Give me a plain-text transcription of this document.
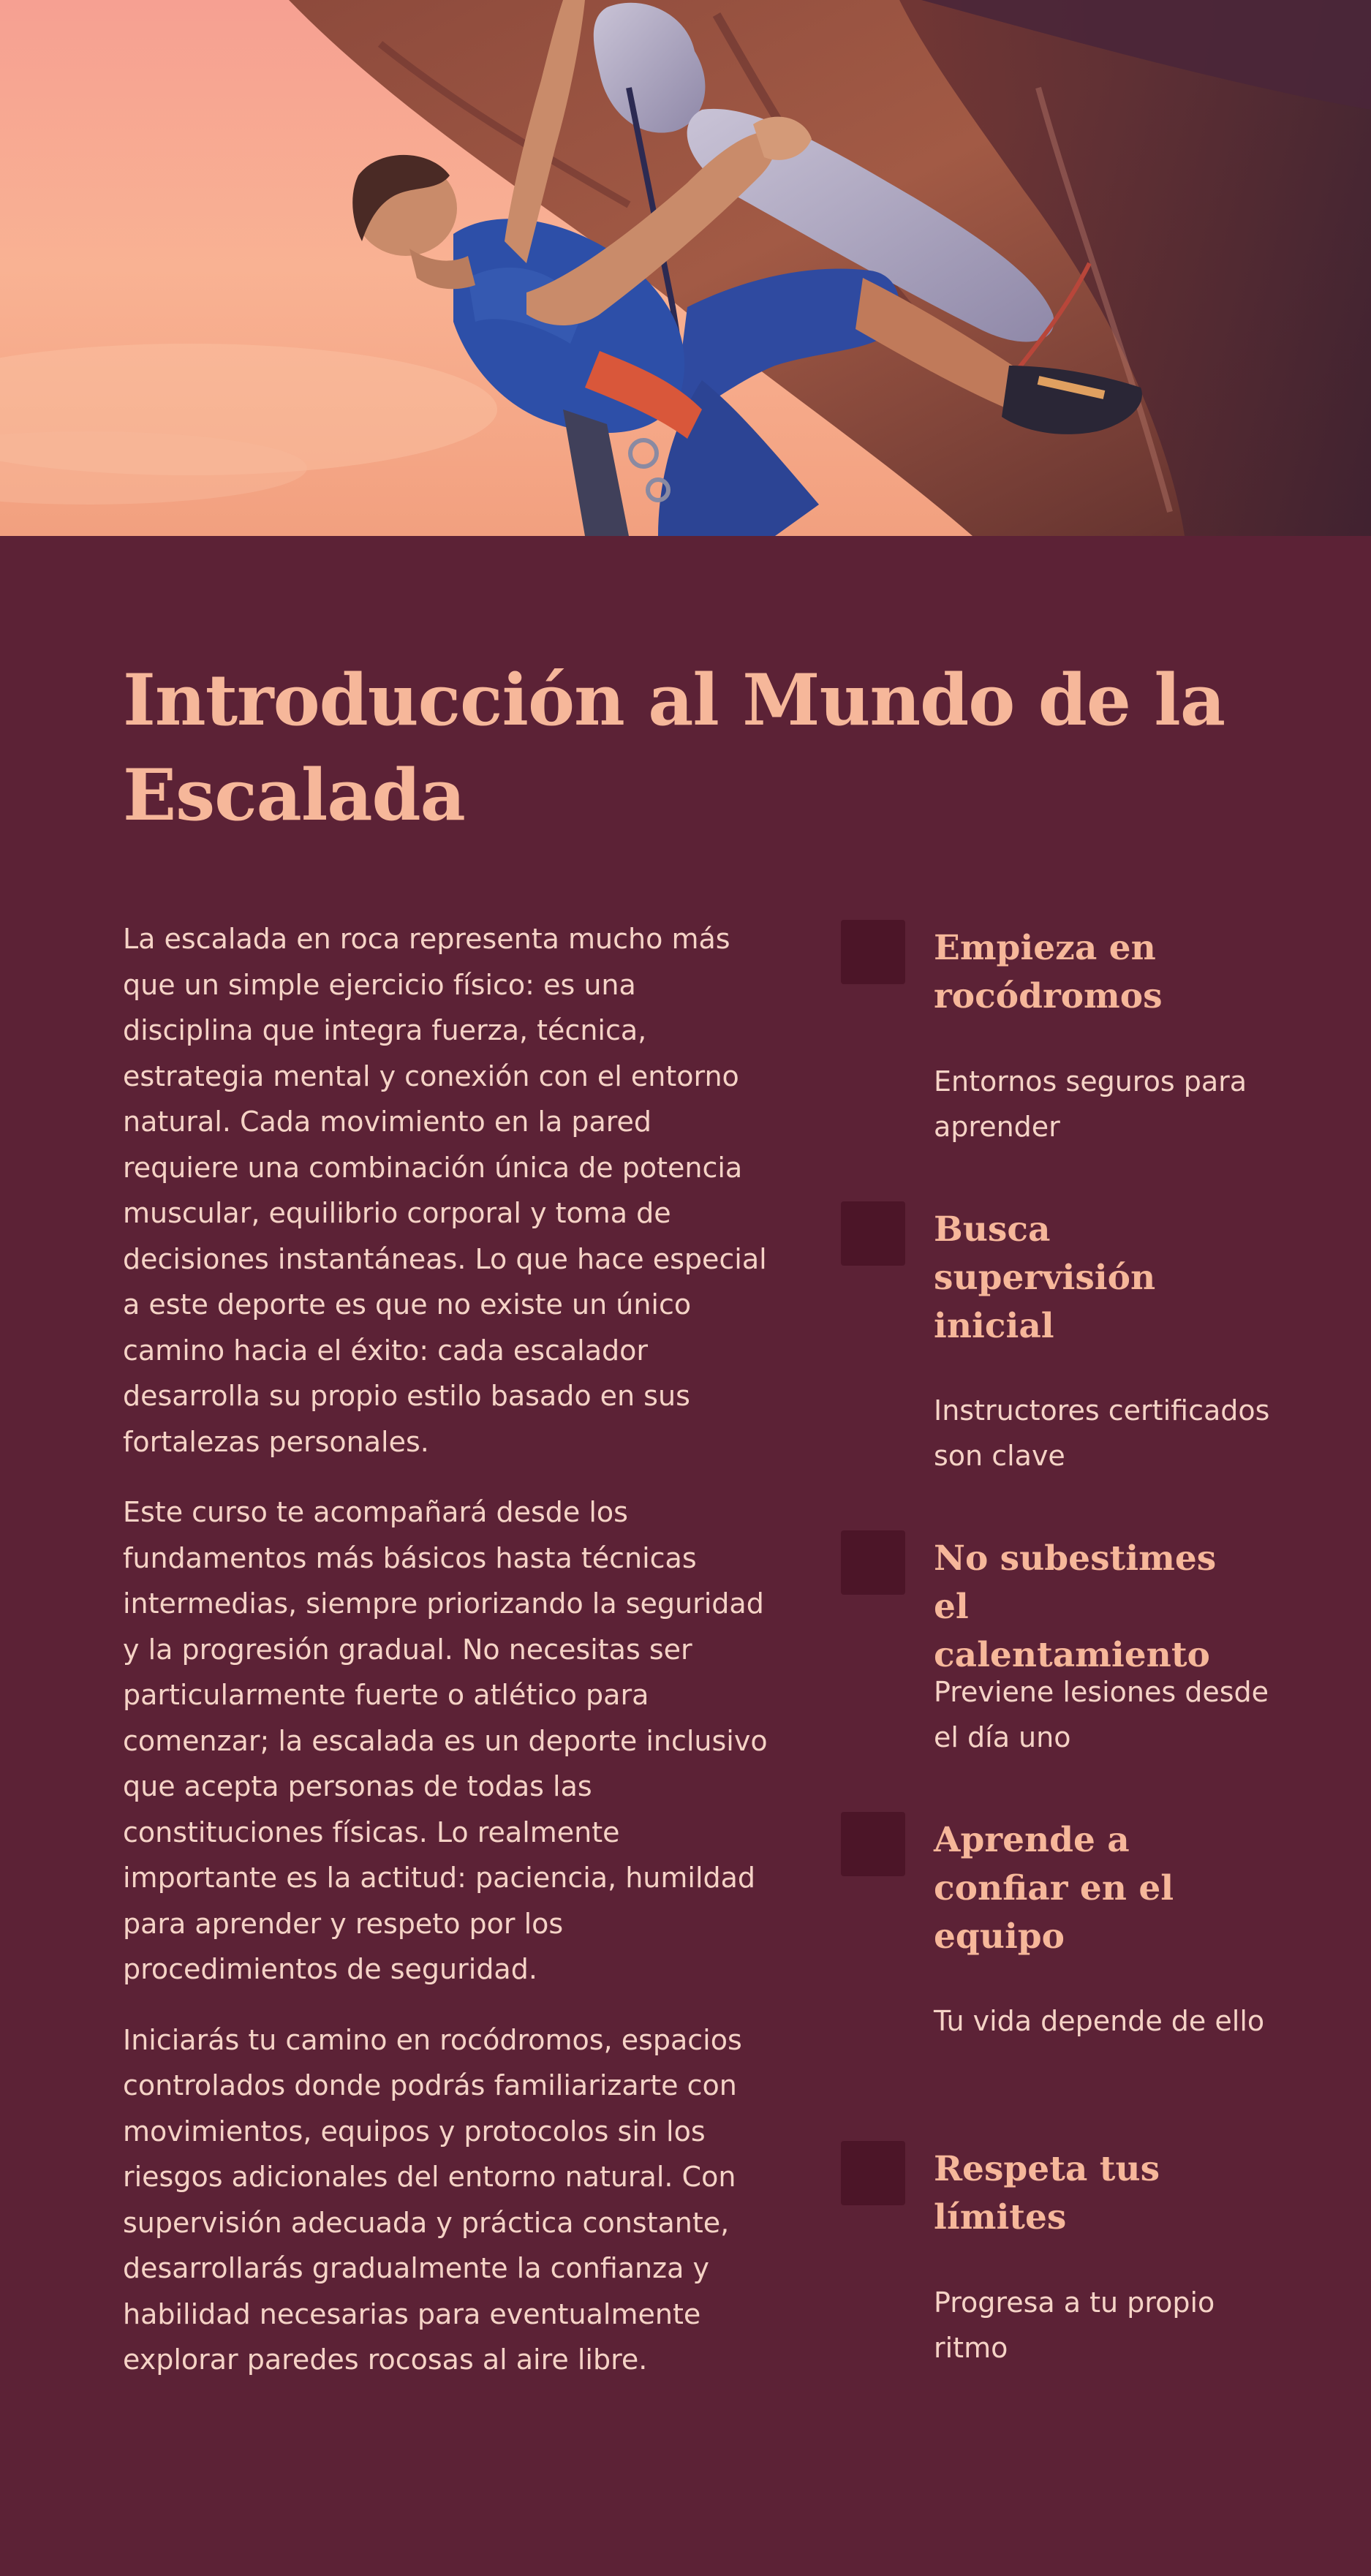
Introducción al Mundo de la Escalada

La escalada en roca representa mucho más que un simple ejercicio físico: es una disciplina que integra fuerza, técnica, estrategia mental y conexión con el entorno natural. Cada movimiento en la pared requiere una combinación única de potencia muscular, equilibrio corporal y toma de decisiones instantáneas. Lo que hace especial a este deporte es que no existe un único camino hacia el éxito: cada escalador desarrolla su propio estilo basado en sus fortalezas personales.

Este curso te acompañará desde los fundamentos más básicos hasta técnicas intermedias, siempre priorizando la seguridad y la progresión gradual. No necesitas ser particularmente fuerte o atlético para comenzar; la escalada es un deporte inclusivo que acepta personas de todas las constituciones físicas. Lo realmente importante es la actitud: paciencia, humildad para aprender y respeto por los procedimientos de seguridad.

Iniciarás tu camino en rocódromos, espacios controlados donde podrás familiarizarte con movimientos, equipos y protocolos sin los riesgos adicionales del entorno natural. Con supervisión adecuada y práctica constante, desarrollarás gradualmente la confianza y habilidad necesarias para eventualmente explorar paredes rocosas al aire libre.

Empieza en rocódromos

Entornos seguros para aprender

Busca supervisión inicial

Instructores certificados son clave

No subestimes el calentamiento

Previene lesiones desde el día uno

Aprende a confiar en el equipo

Tu vida depende de ello

Respeta tus límites

Progresa a tu propio ritmo
